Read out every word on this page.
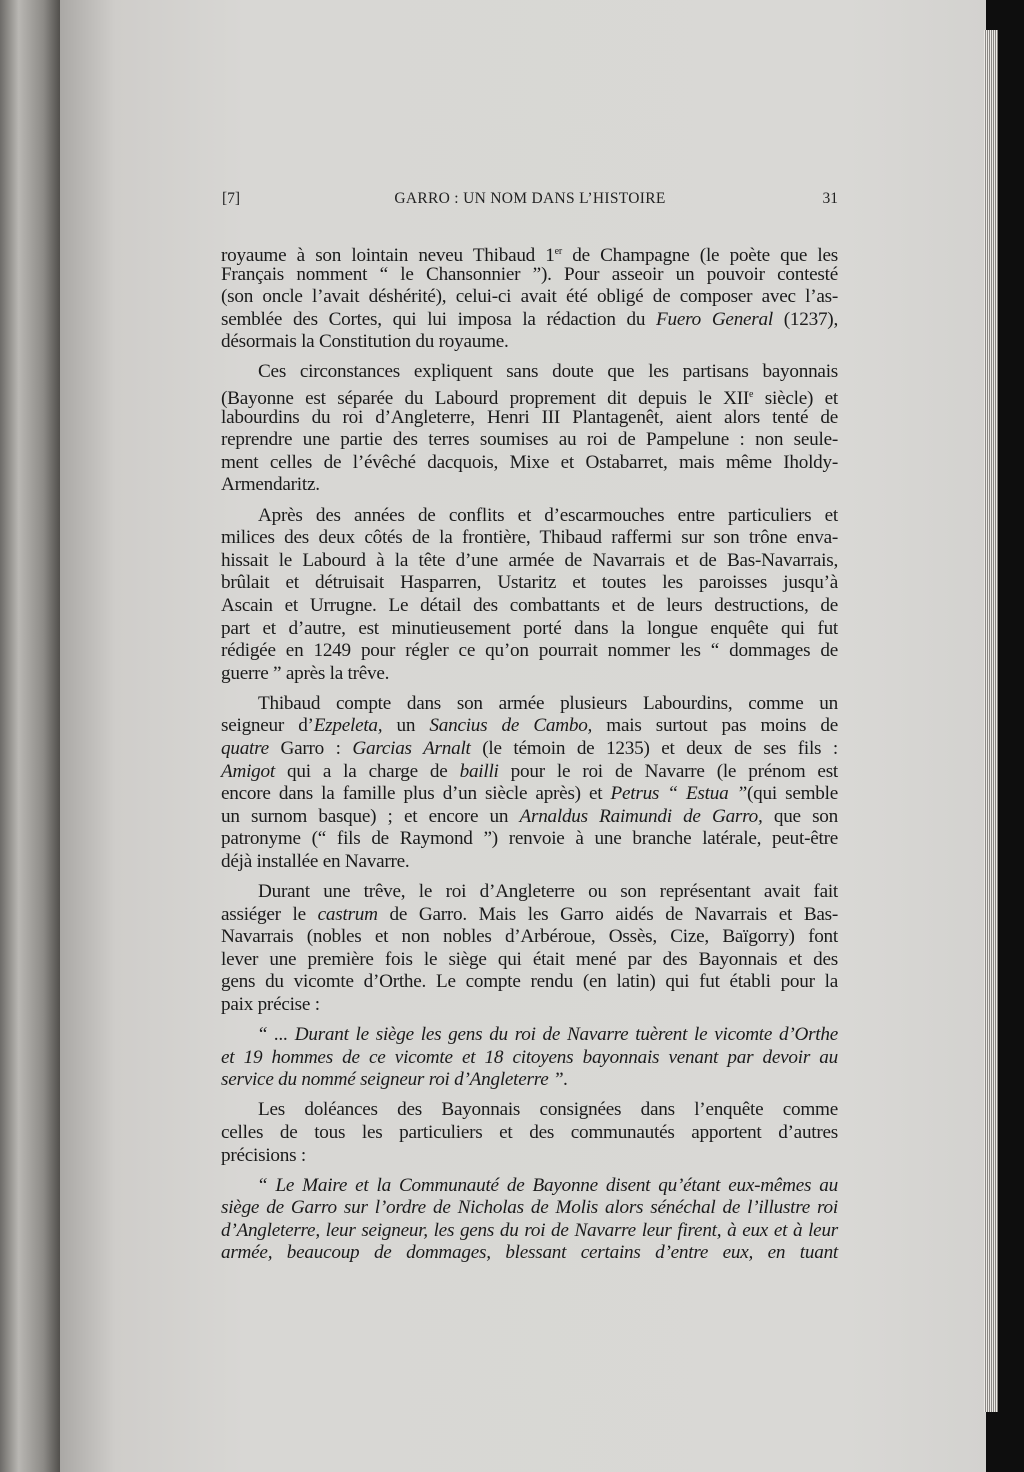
[7]	GARRO : UN NOM DANS L’HISTOIRE	31
royaume à son lointain neveu Thibaud 1er de Champagne (le poète que les
Français nomment “ le Chansonnier ”). Pour asseoir un pouvoir contesté
(son oncle l’avait déshérité), celui-ci avait été obligé de composer avec l’as-
semblée des Cortes, qui lui imposa la rédaction du Fuero General (1237),
désormais la Constitution du royaume.
Ces circonstances expliquent sans doute que les partisans bayonnais
(Bayonne est séparée du Labourd proprement dit depuis le XIIe siècle) et
labourdins du roi d’Angleterre, Henri III Plantagenêt, aient alors tenté de
reprendre une partie des terres soumises au roi de Pampelune : non seule-
ment celles de l’évêché dacquois, Mixe et Ostabarret, mais même Iholdy-
Armendaritz.
Après des années de conflits et d’escarmouches entre particuliers et
milices des deux côtés de la frontière, Thibaud raffermi sur son trône enva-
hissait le Labourd à la tête d’une armée de Navarrais et de Bas-Navarrais,
brûlait et détruisait Hasparren, Ustaritz et toutes les paroisses jusqu’à
Ascain et Urrugne. Le détail des combattants et de leurs destructions, de
part et d’autre, est minutieusement porté dans la longue enquête qui fut
rédigée en 1249 pour régler ce qu’on pourrait nommer les “ dommages de
guerre ” après la trêve.
Thibaud compte dans son armée plusieurs Labourdins, comme un
seigneur d’Ezpeleta, un Sancius de Cambo, mais surtout pas moins de
quatre Garro : Garcias Arnalt (le témoin de 1235) et deux de ses fils :
Amigot qui a la charge de bailli pour le roi de Navarre (le prénom est
encore dans la famille plus d’un siècle après) et Petrus “ Estua ”(qui semble
un surnom basque) ; et encore un Arnaldus Raimundi de Garro, que son
patronyme (“ fils de Raymond ”) renvoie à une branche latérale, peut-être
déjà installée en Navarre.
Durant une trêve, le roi d’Angleterre ou son représentant avait fait
assiéger le castrum de Garro. Mais les Garro aidés de Navarrais et Bas-
Navarrais (nobles et non nobles d’Arbéroue, Ossès, Cize, Baïgorry) font
lever une première fois le siège qui était mené par des Bayonnais et des
gens du vicomte d’Orthe. Le compte rendu (en latin) qui fut établi pour la
paix précise :
“ ... Durant le siège les gens du roi de Navarre tuèrent le vicomte d’Orthe
et 19 hommes de ce vicomte et 18 citoyens bayonnais venant par devoir au
service du nommé seigneur roi d’Angleterre ”.
Les doléances des Bayonnais consignées dans l’enquête comme
celles de tous les particuliers et des communautés apportent d’autres
précisions :
“ Le Maire et la Communauté de Bayonne disent qu’étant eux-mêmes au
siège de Garro sur l’ordre de Nicholas de Molis alors sénéchal de l’illustre roi
d’Angleterre, leur seigneur, les gens du roi de Navarre leur firent, à eux et à leur
armée, beaucoup de dommages, blessant certains d’entre eux, en tuant
